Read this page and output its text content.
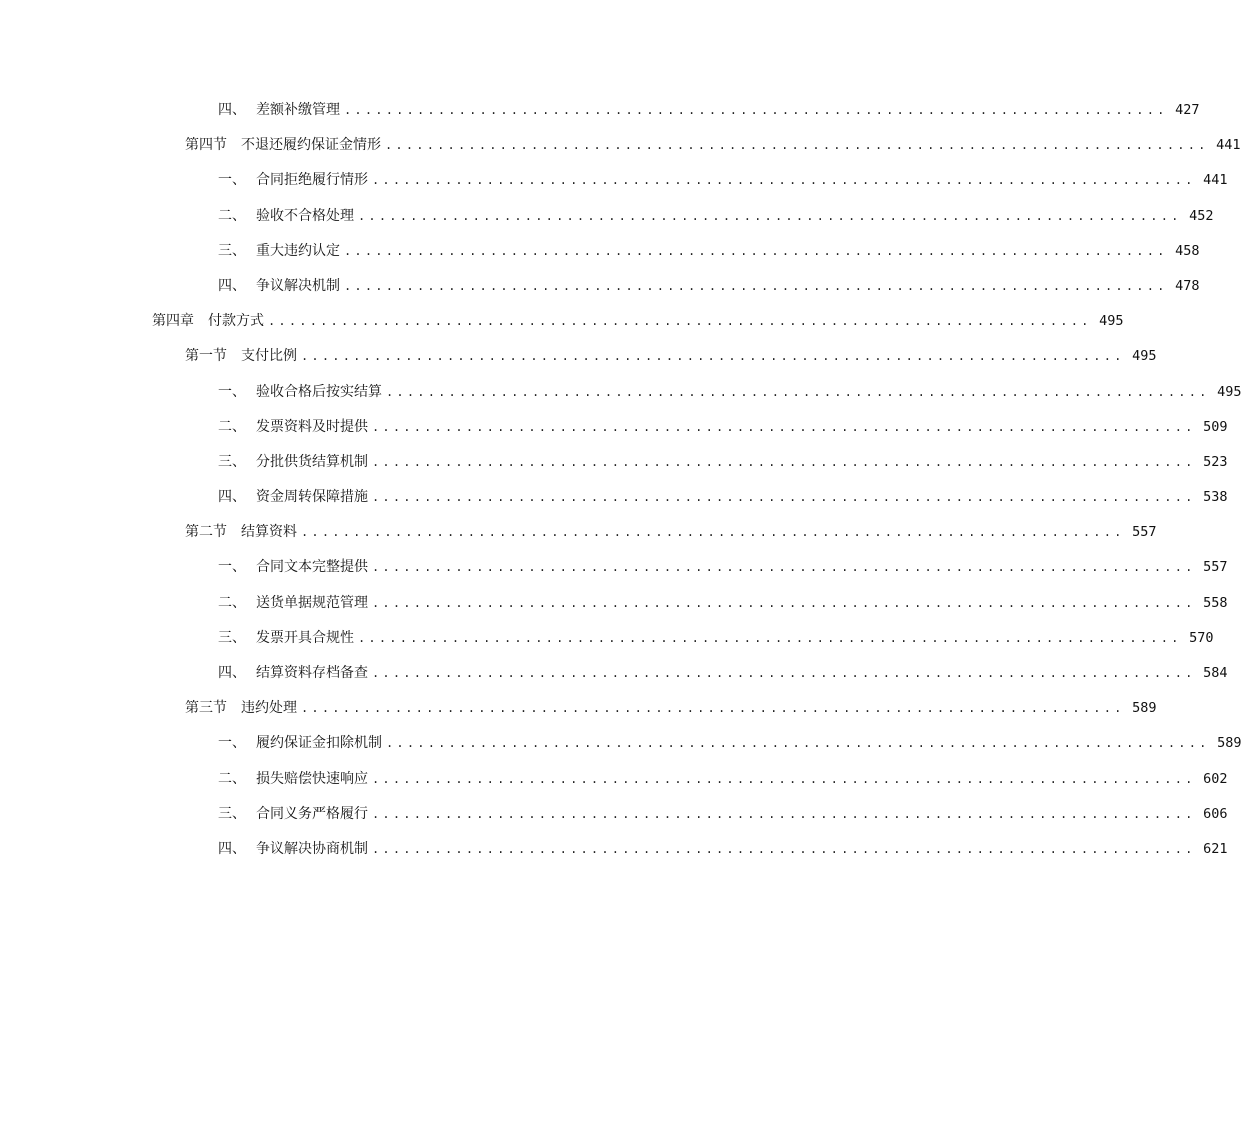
四、 差额补缴管理 ............................................................................... 427
第四节	不退还履约保证金情形 ............................................................................... 441
一、 合同拒绝履行情形 ............................................................................... 441
二、 验收不合格处理 ............................................................................... 452
三、 重大违约认定 ............................................................................... 458
四、 争议解决机制 ............................................................................... 478
第四章	付款方式 ............................................................................... 495
第一节	支付比例 ............................................................................... 495
一、 验收合格后按实结算 ............................................................................... 495
二、 发票资料及时提供 ............................................................................... 509
三、 分批供货结算机制 ............................................................................... 523
四、 资金周转保障措施 ............................................................................... 538
第二节	结算资料 ............................................................................... 557
一、 合同文本完整提供 ............................................................................... 557
二、 送货单据规范管理 ............................................................................... 558
三、 发票开具合规性 ............................................................................... 570
四、 结算资料存档备查 ............................................................................... 584
第三节	违约处理 ............................................................................... 589
一、 履约保证金扣除机制 ............................................................................... 589
二、 损失赔偿快速响应 ............................................................................... 602
三、 合同义务严格履行 ............................................................................... 606
四、 争议解决协商机制 ............................................................................... 621
